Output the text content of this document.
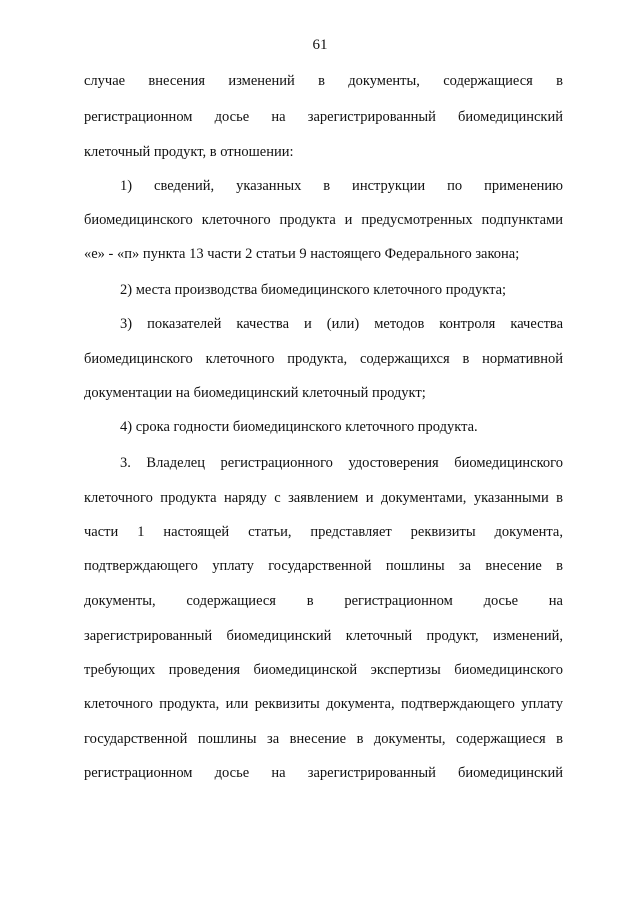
61
случае внесения изменений в документы, содержащиеся в
регистрационном досье на зарегистрированный биомедицинский
клеточный продукт, в отношении:
1) сведений, указанных в инструкции по применению
биомедицинского клеточного продукта и предусмотренных подпунктами
«е» - «п» пункта 13 части 2 статьи 9 настоящего Федерального закона;
2) места производства биомедицинского клеточного продукта;
3) показателей качества и (или) методов контроля качества
биомедицинского клеточного продукта, содержащихся в нормативной
документации на биомедицинский клеточный продукт;
4) срока годности биомедицинского клеточного продукта.
3. Владелец регистрационного удостоверения биомедицинского
клеточного продукта наряду с заявлением и документами, указанными в
части 1 настоящей статьи, представляет реквизиты документа,
подтверждающего уплату государственной пошлины за внесение в
документы, содержащиеся в регистрационном досье на
зарегистрированный биомедицинский клеточный продукт, изменений,
требующих проведения биомедицинской экспертизы биомедицинского
клеточного продукта, или реквизиты документа, подтверждающего уплату
государственной пошлины за внесение в документы, содержащиеся в
регистрационном досье на зарегистрированный биомедицинский
